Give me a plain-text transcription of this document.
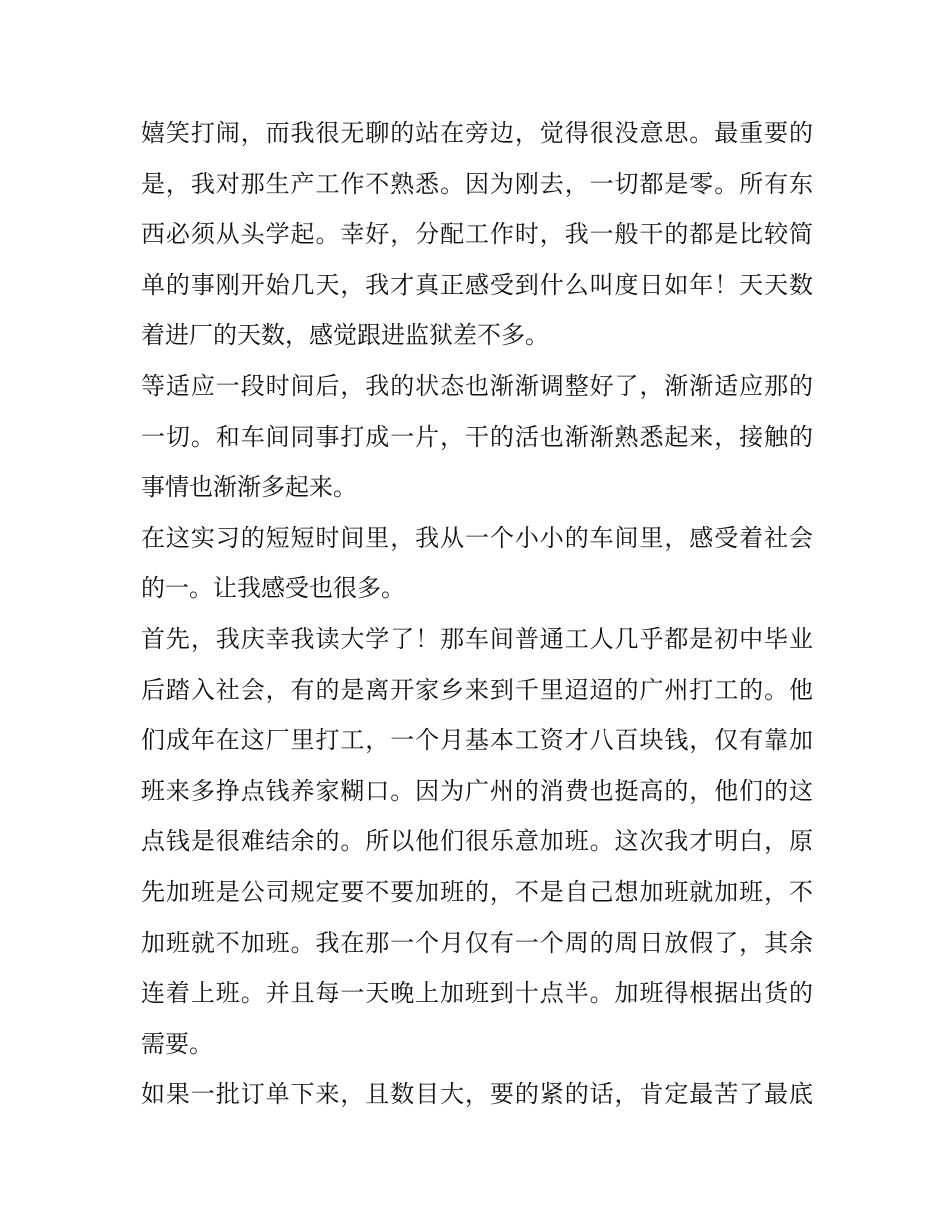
嬉笑打闹，而我很无聊的站在旁边，觉得很没意思。最重要的
是，我对那生产工作不熟悉。因为刚去，一切都是零。所有东
西必须从头学起。幸好，分配工作时，我一般干的都是比较简
单的事刚开始几天，我才真正感受到什么叫度日如年！天天数
着进厂的天数，感觉跟进监狱差不多。
等适应一段时间后，我的状态也渐渐调整好了，渐渐适应那的
一切。和车间同事打成一片，干的活也渐渐熟悉起来，接触的
事情也渐渐多起来。
在这实习的短短时间里，我从一个小小的车间里，感受着社会
的一。让我感受也很多。
首先，我庆幸我读大学了！那车间普通工人几乎都是初中毕业
后踏入社会，有的是离开家乡来到千里迢迢的广州打工的。他
们成年在这厂里打工，一个月基本工资才八百块钱，仅有靠加
班来多挣点钱养家糊口。因为广州的消费也挺高的，他们的这
点钱是很难结余的。所以他们很乐意加班。这次我才明白，原
先加班是公司规定要不要加班的，不是自己想加班就加班，不
加班就不加班。我在那一个月仅有一个周的周日放假了，其余
连着上班。并且每一天晚上加班到十点半。加班得根据出货的
需要。
如果一批订单下来，且数目大，要的紧的话，肯定最苦了最底
